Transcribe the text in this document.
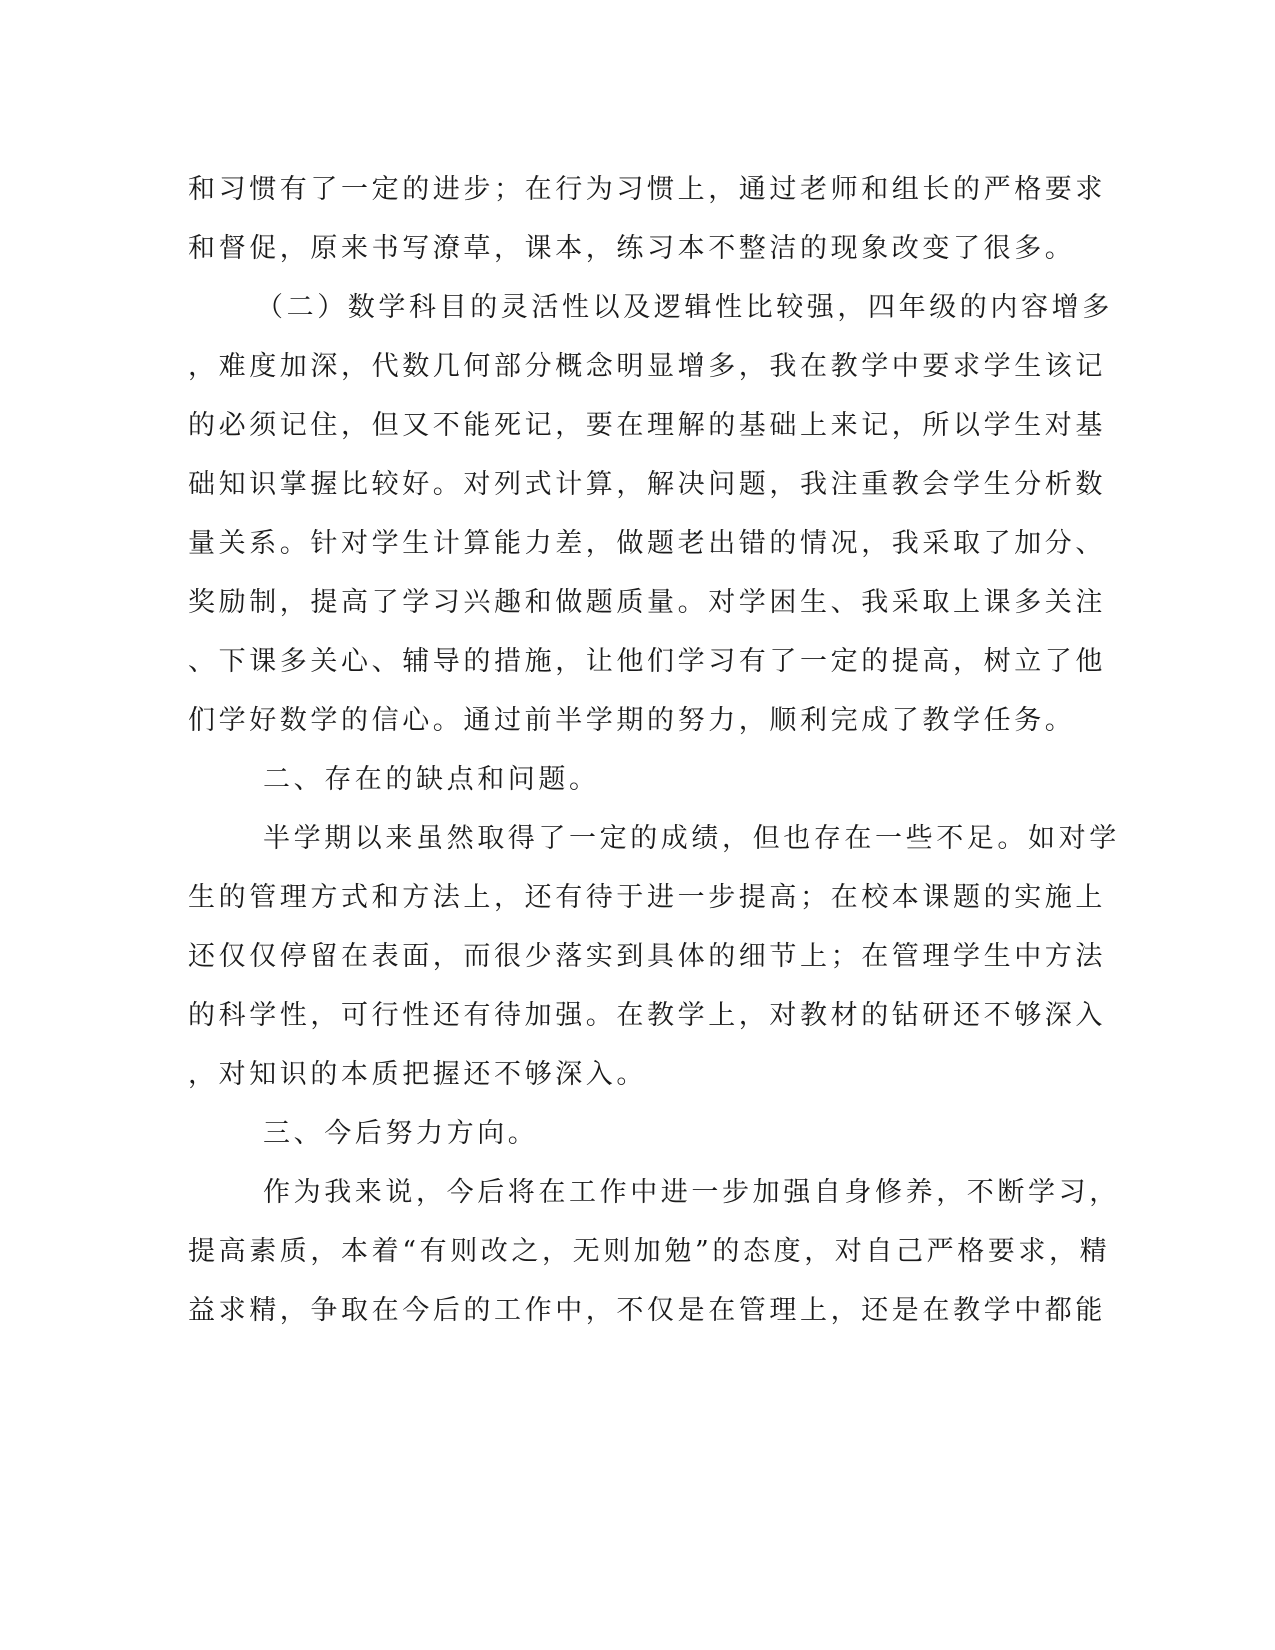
和习惯有了一定的进步；在行为习惯上，通过老师和组长的严格要求
和督促，原来书写潦草，课本，练习本不整洁的现象改变了很多。
（二）数学科目的灵活性以及逻辑性比较强，四年级的内容增多
，难度加深，代数几何部分概念明显增多，我在教学中要求学生该记
的必须记住，但又不能死记，要在理解的基础上来记，所以学生对基
础知识掌握比较好。对列式计算，解决问题，我注重教会学生分析数
量关系。针对学生计算能力差，做题老出错的情况，我采取了加分、
奖励制，提高了学习兴趣和做题质量。对学困生、我采取上课多关注
、下课多关心、辅导的措施，让他们学习有了一定的提高，树立了他
们学好数学的信心。通过前半学期的努力，顺利完成了教学任务。
二、存在的缺点和问题。
半学期以来虽然取得了一定的成绩，但也存在一些不足。如对学
生的管理方式和方法上，还有待于进一步提高；在校本课题的实施上
还仅仅停留在表面，而很少落实到具体的细节上；在管理学生中方法
的科学性，可行性还有待加强。在教学上，对教材的钻研还不够深入
，对知识的本质把握还不够深入。
三、今后努力方向。
作为我来说，今后将在工作中进一步加强自身修养，不断学习，
提高素质，本着“有则改之，无则加勉”的态度，对自己严格要求，精
益求精，争取在今后的工作中，不仅是在管理上，还是在教学中都能
